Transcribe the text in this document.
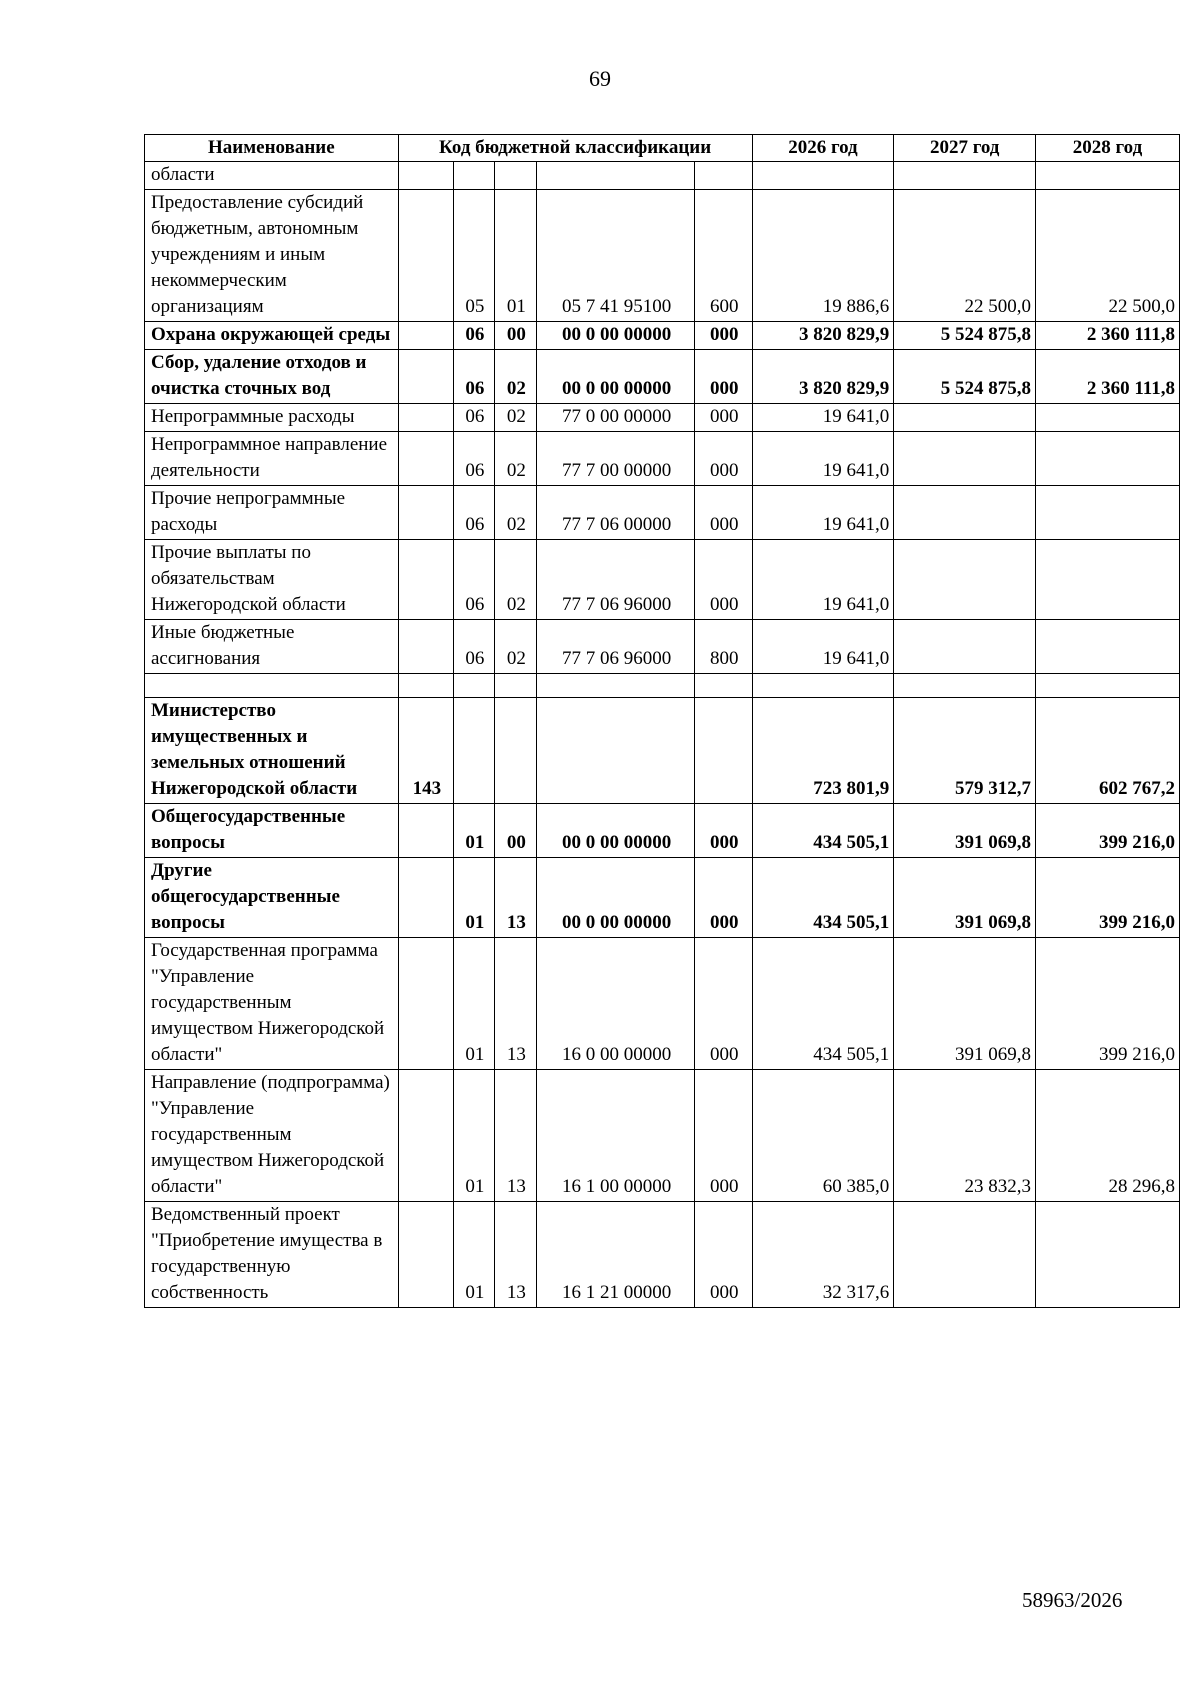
69
Наименование	Код бюджетной классификации					2026 год	2027 год	2028 год
области								
Предоставление субсидий бюджетным, автономным учреждениям и иным некоммерческим организациям		05	01	05 7 41 95100	600	19 886,6	22 500,0	22 500,0
Охрана окружающей среды		06	00	00 0 00 00000	000	3 820 829,9	5 524 875,8	2 360 111,8
Сбор, удаление отходов и очистка сточных вод		06	02	00 0 00 00000	000	3 820 829,9	5 524 875,8	2 360 111,8
Непрограммные расходы		06	02	77 0 00 00000	000	19 641,0		
Непрограммное направление деятельности		06	02	77 7 00 00000	000	19 641,0		
Прочие непрограммные расходы		06	02	77 7 06 00000	000	19 641,0		
Прочие выплаты по обязательствам Нижегородской области		06	02	77 7 06 96000	000	19 641,0		
Иные бюджетные ассигнования		06	02	77 7 06 96000	800	19 641,0		

Министерство имущественных и земельных отношений Нижегородской области	143					723 801,9	579 312,7	602 767,2
Общегосударственные вопросы		01	00	00 0 00 00000	000	434 505,1	391 069,8	399 216,0
Другие общегосударственные вопросы		01	13	00 0 00 00000	000	434 505,1	391 069,8	399 216,0
Государственная программа "Управление государственным имуществом Нижегородской области"		01	13	16 0 00 00000	000	434 505,1	391 069,8	399 216,0
Направление (подпрограмма) "Управление государственным имуществом Нижегородской области"		01	13	16 1 00 00000	000	60 385,0	23 832,3	28 296,8
Ведомственный проект "Приобретение имущества в государственную собственность		01	13	16 1 21 00000	000	32 317,6		
58963/2026
